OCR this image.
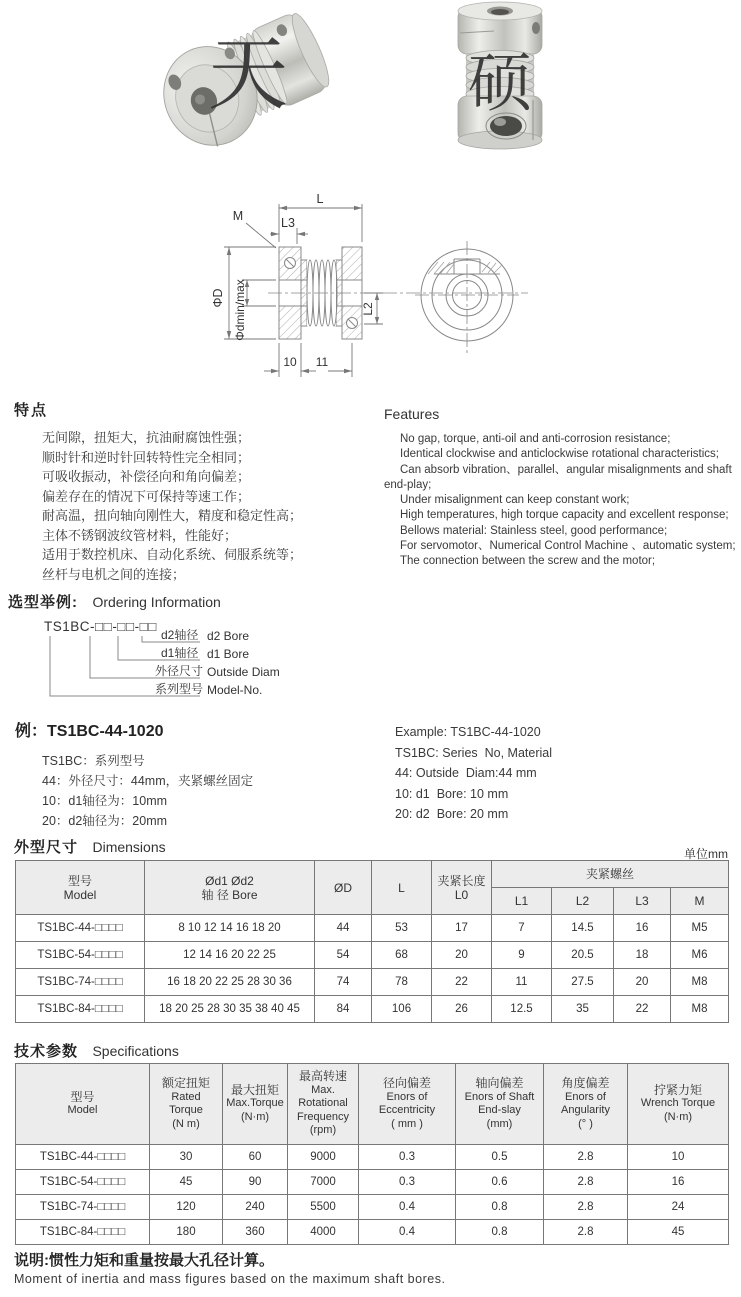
天	硕
L
M	L3
ΦD Φdmin/max	L2
10 11
特点
无间隙，扭矩大，抗油耐腐蚀性强；
顺时针和逆时针回转特性完全相同；
可吸收振动，补偿径向和角向偏差；
偏差存在的情况下可保持等速工作；
耐高温，扭向轴向刚性大，精度和稳定性高；
主体不锈钢波纹管材料，性能好；
适用于数控机床、自动化系统、伺服系统等；
丝杆与电机之间的连接；
Features

No gap, torque, anti-oil and anti-corrosion resistance;

Identical clockwise and anticlockwise rotational characteristics;

Can absorb vibration、parallel、angular misalignments and shaft end-play;

Under misalignment can keep constant work;

High temperatures, high torque capacity and excellent response;

Bellows material: Stainless steel, good performance;

For servomotor、Numerical Control Machine 、automatic system;

The connection between the screw and the motor;

选型举例: Ordering Information
TS1BC-□□-□□-□□
d2轴径 d2 Bore
d1轴径 d1 Bore
外径尺寸 Outside Diam
系列型号 Model-No.
例：TS1BC-44-1020
TS1BC：系列型号
44：外径尺寸：44mm，夹紧螺丝固定
10：d1轴径为：10mm
20：d2轴径为：20mm
Example: TS1BC-44-1020
TS1BC: Series  No, Material
44: Outside  Diam:44 mm
10: d1  Bore: 10 mm
20: d2  Bore: 20 mm
外型尺寸 Dimensions	单位mm
型号
Model	Ød1 Ød2
轴 径 Bore	ØD	L	夹紧长度
L0	夹紧螺丝			
					L1	L2	L3	M
TS1BC-44-□□□□	8 10 12 14 16 18 20	44	53	17	7	14.5	16	M5
TS1BC-54-□□□□	12 14 16 20 22 25	54	68	20	9	20.5	18	M6
TS1BC-74-□□□□	16 18 20 22 25 28 30 36	74	78	22	11	27.5	20	M8
TS1BC-84-□□□□	18 20 25 28 30 35 38 40 45	84	106	26	12.5	35	22	M8
技术参数 Specifications
型号
Model	额定扭矩
Rated
Torque
(N m)	最大扭矩
Max.Torque
(N·m)	最高转速
Max.
Rotational
Frequency
(rpm)	径向偏差
Enors of
Eccentricity
( mm )	轴向偏差
Enors of Shaft
End-slay
(mm)	角度偏差
Enors of
Angularity
(° )	拧紧力矩
Wrench Torque
(N·m)

TS1BC-44-□□□□	30	60	9000	0.3	0.5	2.8	10
TS1BC-54-□□□□	45	90	7000	0.3	0.6	2.8	16
TS1BC-74-□□□□	120	240	5500	0.4	0.8	2.8	24
TS1BC-84-□□□□	180	360	4000	0.4	0.8	2.8	45
说明:惯性力矩和重量按最大孔径计算。
Moment of inertia and mass figures based on the maximum shaft bores.
